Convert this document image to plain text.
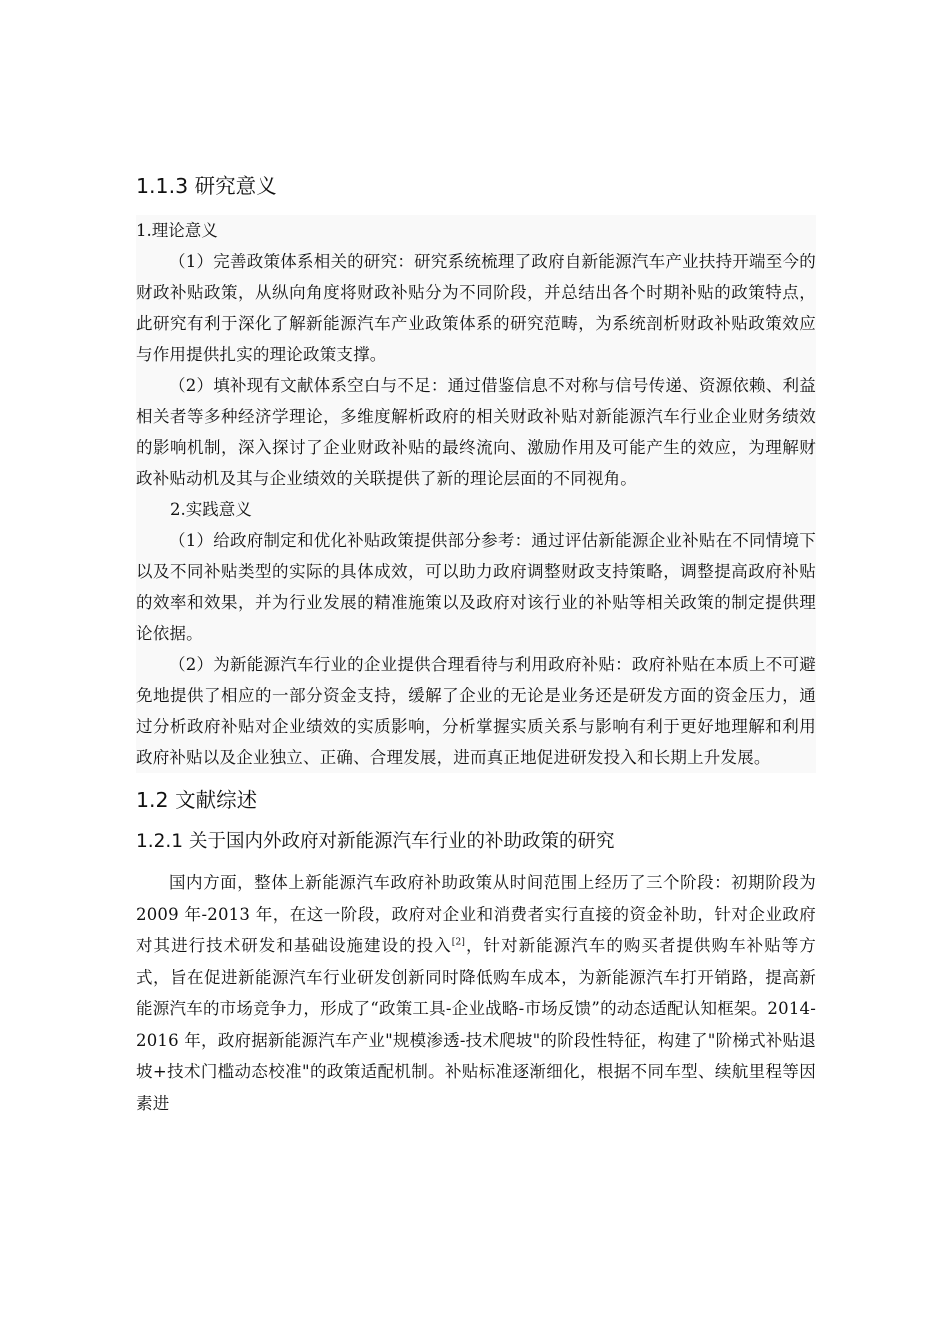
1.1.3 研究意义

1.理论意义

（1）完善政策体系相关的研究：研究系统梳理了政府自新能源汽车产业扶持开端至今的财政补贴政策，从纵向角度将财政补贴分为不同阶段，并总结出各个时期补贴的政策特点，此研究有利于深化了解新能源汽车产业政策体系的研究范畴，为系统剖析财政补贴政策效应与作用提供扎实的理论政策支撑。

（2）填补现有文献体系空白与不足：通过借鉴信息不对称与信号传递、资源依赖、利益相关者等多种经济学理论，多维度解析政府的相关财政补贴对新能源汽车行业企业财务绩效的影响机制，深入探讨了企业财政补贴的最终流向、激励作用及可能产生的效应，为理解财政补贴动机及其与企业绩效的关联提供了新的理论层面的不同视角。

2.实践意义

（1）给政府制定和优化补贴政策提供部分参考：通过评估新能源企业补贴在不同情境下以及不同补贴类型的实际的具体成效，可以助力政府调整财政支持策略，调整提高政府补贴的效率和效果，并为行业发展的精准施策以及政府对该行业的补贴等相关政策的制定提供理论依据。

（2）为新能源汽车行业的企业提供合理看待与利用政府补贴：政府补贴在本质上不可避免地提供了相应的一部分资金支持，缓解了企业的无论是业务还是研发方面的资金压力，通过分析政府补贴对企业绩效的实质影响，分析掌握实质关系与影响有利于更好地理解和利用政府补贴以及企业独立、正确、合理发展，进而真正地促进研发投入和长期上升发展。

1.2 文献综述
1.2.1 关于国内外政府对新能源汽车行业的补助政策的研究

国内方面，整体上新能源汽车政府补助政策从时间范围上经历了三个阶段：初期阶段为 2009 年-2013 年，在这一阶段，政府对企业和消费者实行直接的资金补助，针对企业政府对其进行技术研发和基础设施建设的投入[2]，针对新能源汽车的购买者提供购车补贴等方式，旨在促进新能源汽车行业研发创新同时降低购车成本，为新能源汽车打开销路，提高新能源汽车的市场竞争力，形成了“政策工具-企业战略-市场反馈”的动态适配认知框架。2014-2016 年，政府据新能源汽车产业"规模渗透-技术爬坡"的阶段性特征，构建了"阶梯式补贴退坡+技术门槛动态校准"的政策适配机制。补贴标准逐渐细化，根据不同车型、续航里程等因素进
